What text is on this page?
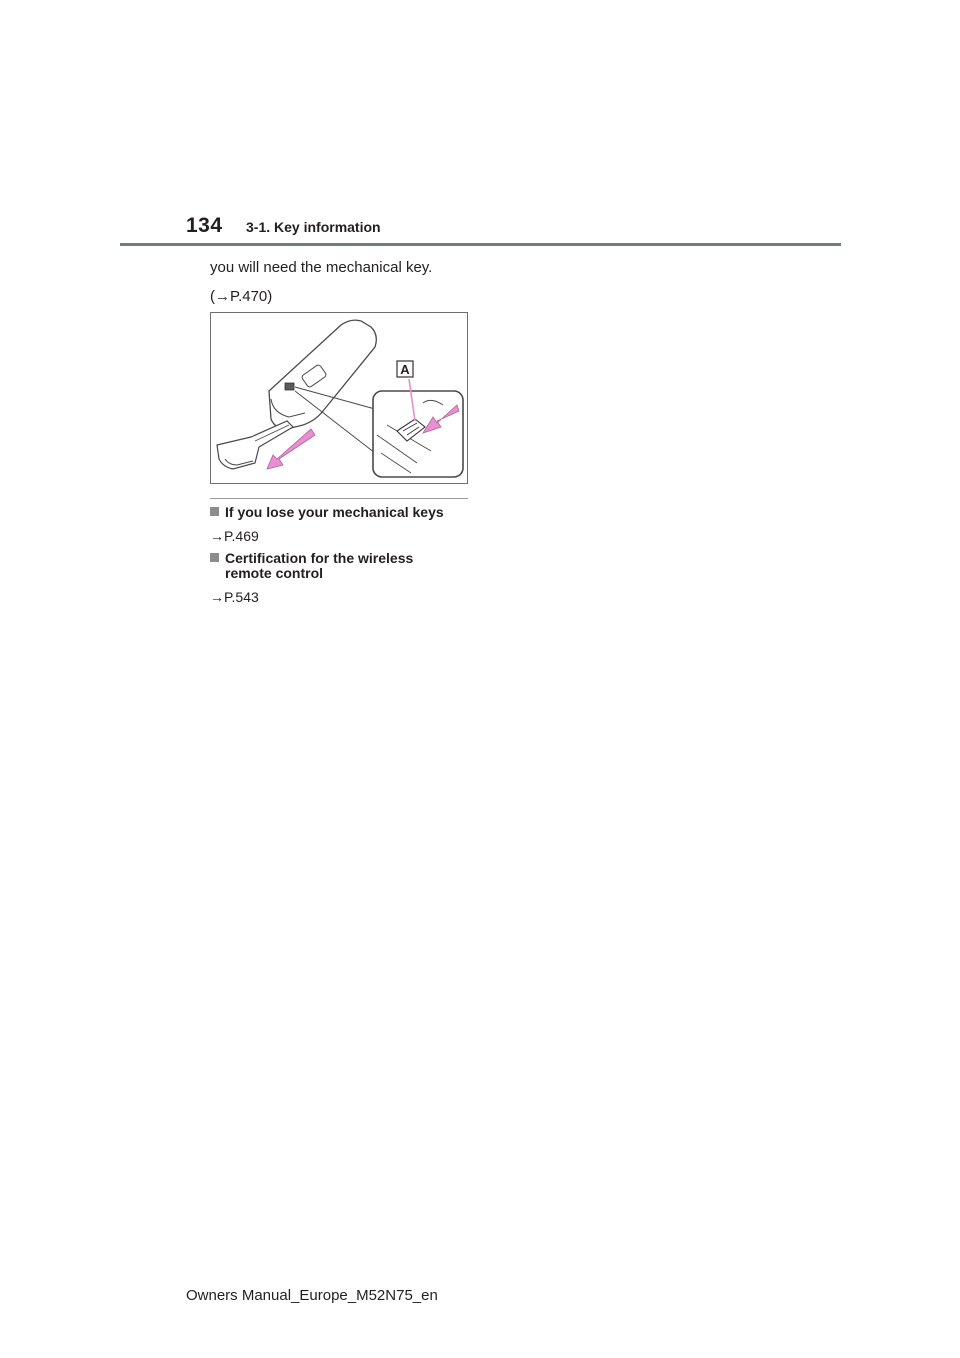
134 3-1. Key information
you will need the mechanical key.
(→P.470)
A
If you lose your mechanical keys
→P.469
Certification for the wireless
remote control
→P.543
Owners Manual_Europe_M52N75_en
